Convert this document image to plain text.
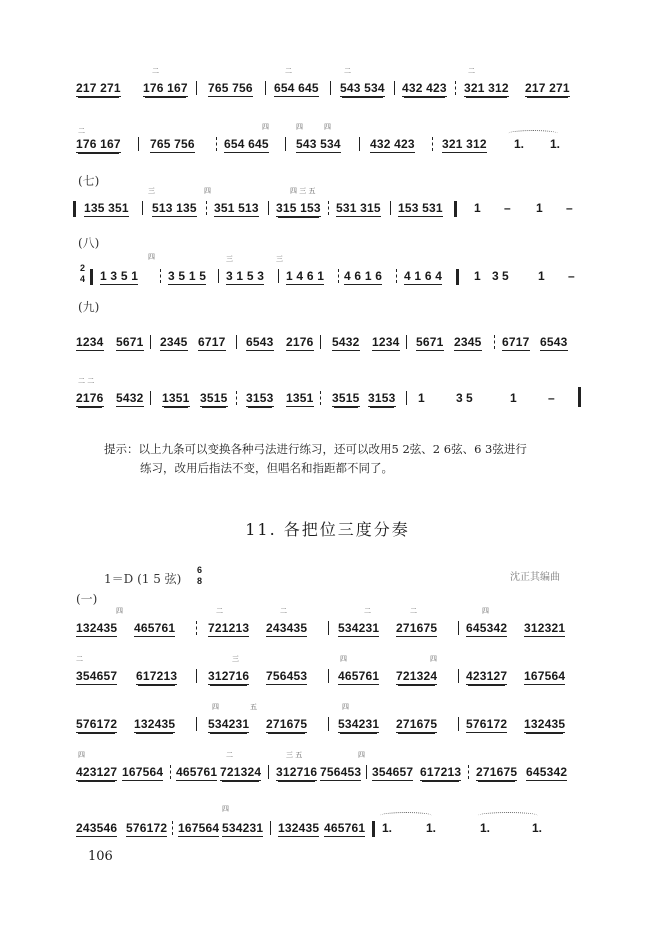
217 271
二
176 167
二
765 756 654 645
二
543 534 432 423
二
321 312 217 271
二
176 167 765 756
四	四	四
654 645 543 534 432 423 321 312 1. 1.
(七)
三	四	四 三 五
135 351 513 135 351 513 315 153 531 315 153 531	1 – 1 –
(八)
2
4
四	三	三
1 3 5 1 3 5 1 5 3 1 5 3 1 4 6 1 4 6 1 6 4 1 6 4	1 3 5 1 –
(九)
1234 5671 2345 6717 6543 2176 5432 1234 5671 2345 6717 6543
二 二
2176 5432 1351 3515 3153 1351 3515 3153 1	3 5	1	–
提示：以上九条可以变换各种弓法进行练习，还可以改用5 2弦、2 6弦、6 3弦进行
练习，改用后指法不变，但唱名和指距都不同了。
11. 各把位三度分奏
1＝D (1 5 弦)
6
8	沈正其编曲
(一)
四	二	二	二	二	四
132435 465761	721213 243435	534231 271675 645342 312321
二	三	四	四
354657 617213	312716 756453	465761 721324 423127 167564
四	五	四
576172 132435	534231 271675	534231 271675 576172 132435
四	二	三 五	四
423127 167564 465761 721324 312716 756453 354657 617213 271675 645342
四
243546 576172 167564 534231 132435 465761 1.	1.	1.	1.
106
